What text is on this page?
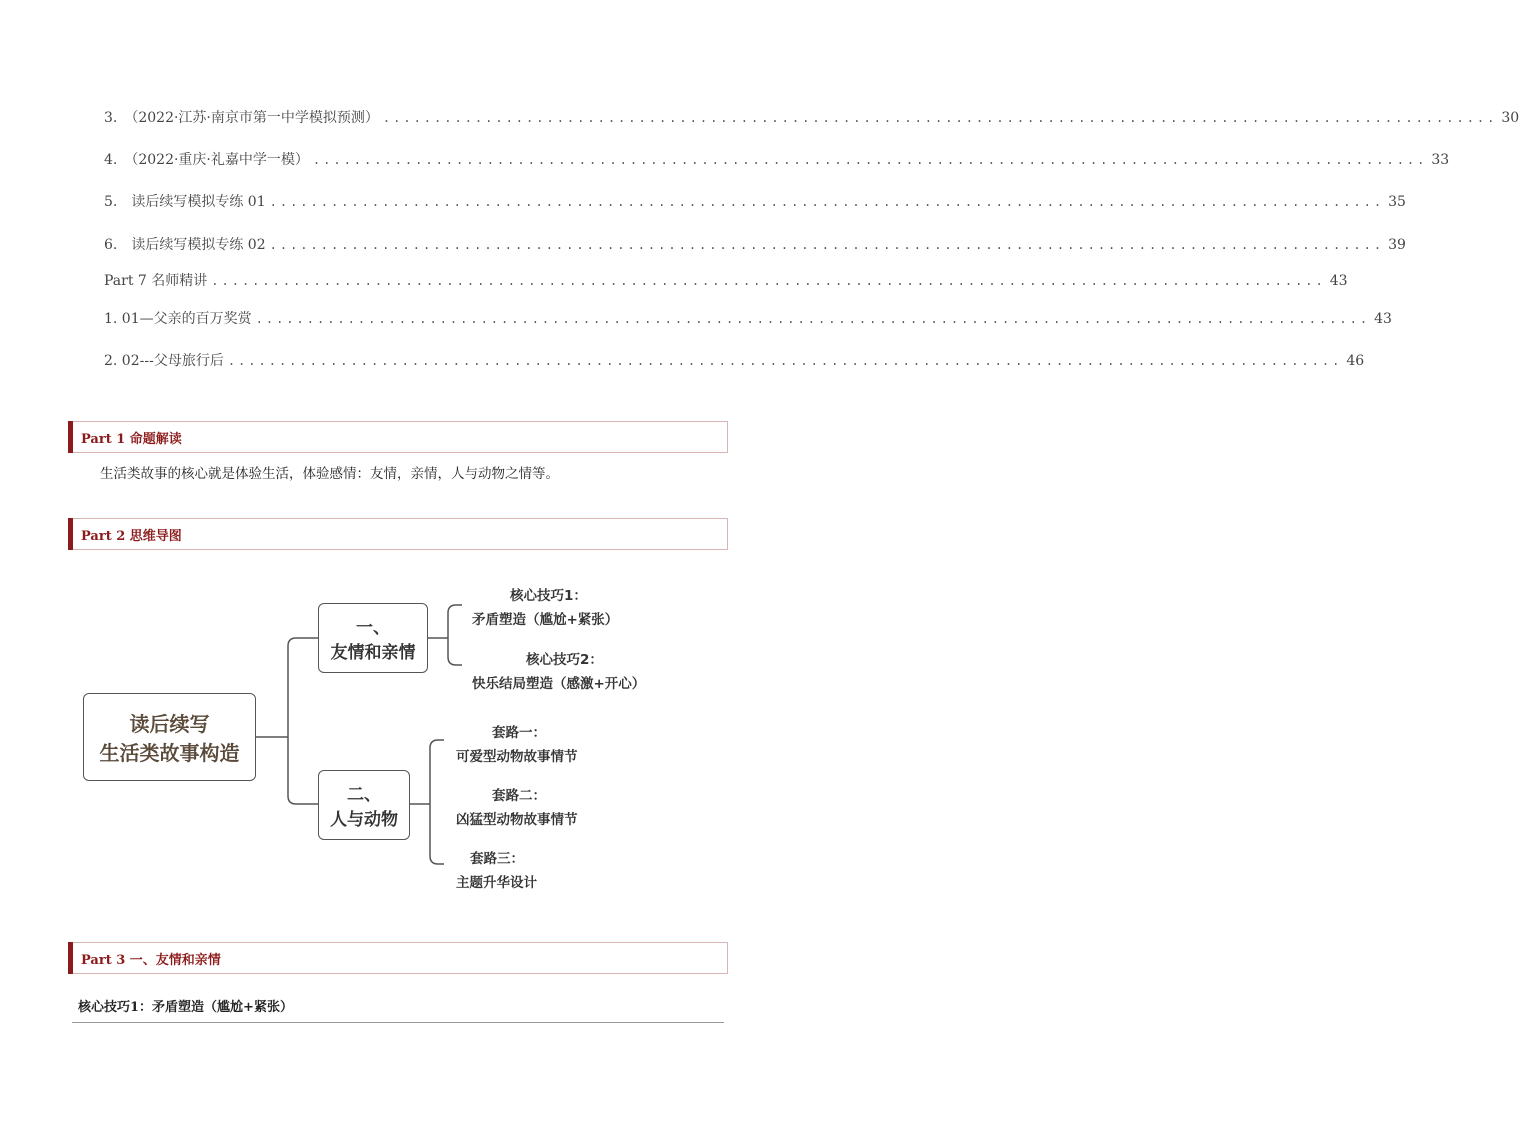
3.　（2022·江苏·南京市第一中学模拟预测） ............................................................................................................. 30
4.　（2022·重庆·礼嘉中学一模） ............................................................................................................. 33
5.　读后续写模拟专练 01 ............................................................................................................. 35
6.　读后续写模拟专练 02 ............................................................................................................. 39
Part 7 名师精讲 ............................................................................................................. 43
1. 01—父亲的百万奖赏 ............................................................................................................. 43
2. 02---父母旅行后 ............................................................................................................. 46
Part 1 命题解读
生活类故事的核心就是体验生活，体验感情：友情，亲情，人与动物之情等。
Part 2 思维导图
读后续写
生活类故事构造
一、
友情和亲情
二、
人与动物
核心技巧1：
矛盾塑造（尴尬+紧张）
核心技巧2：
快乐结局塑造（感激+开心）
套路一：
可爱型动物故事情节
套路二：
凶猛型动物故事情节
套路三：
主题升华设计
Part 3 一、友情和亲情
核心技巧1：矛盾塑造（尴尬+紧张）
